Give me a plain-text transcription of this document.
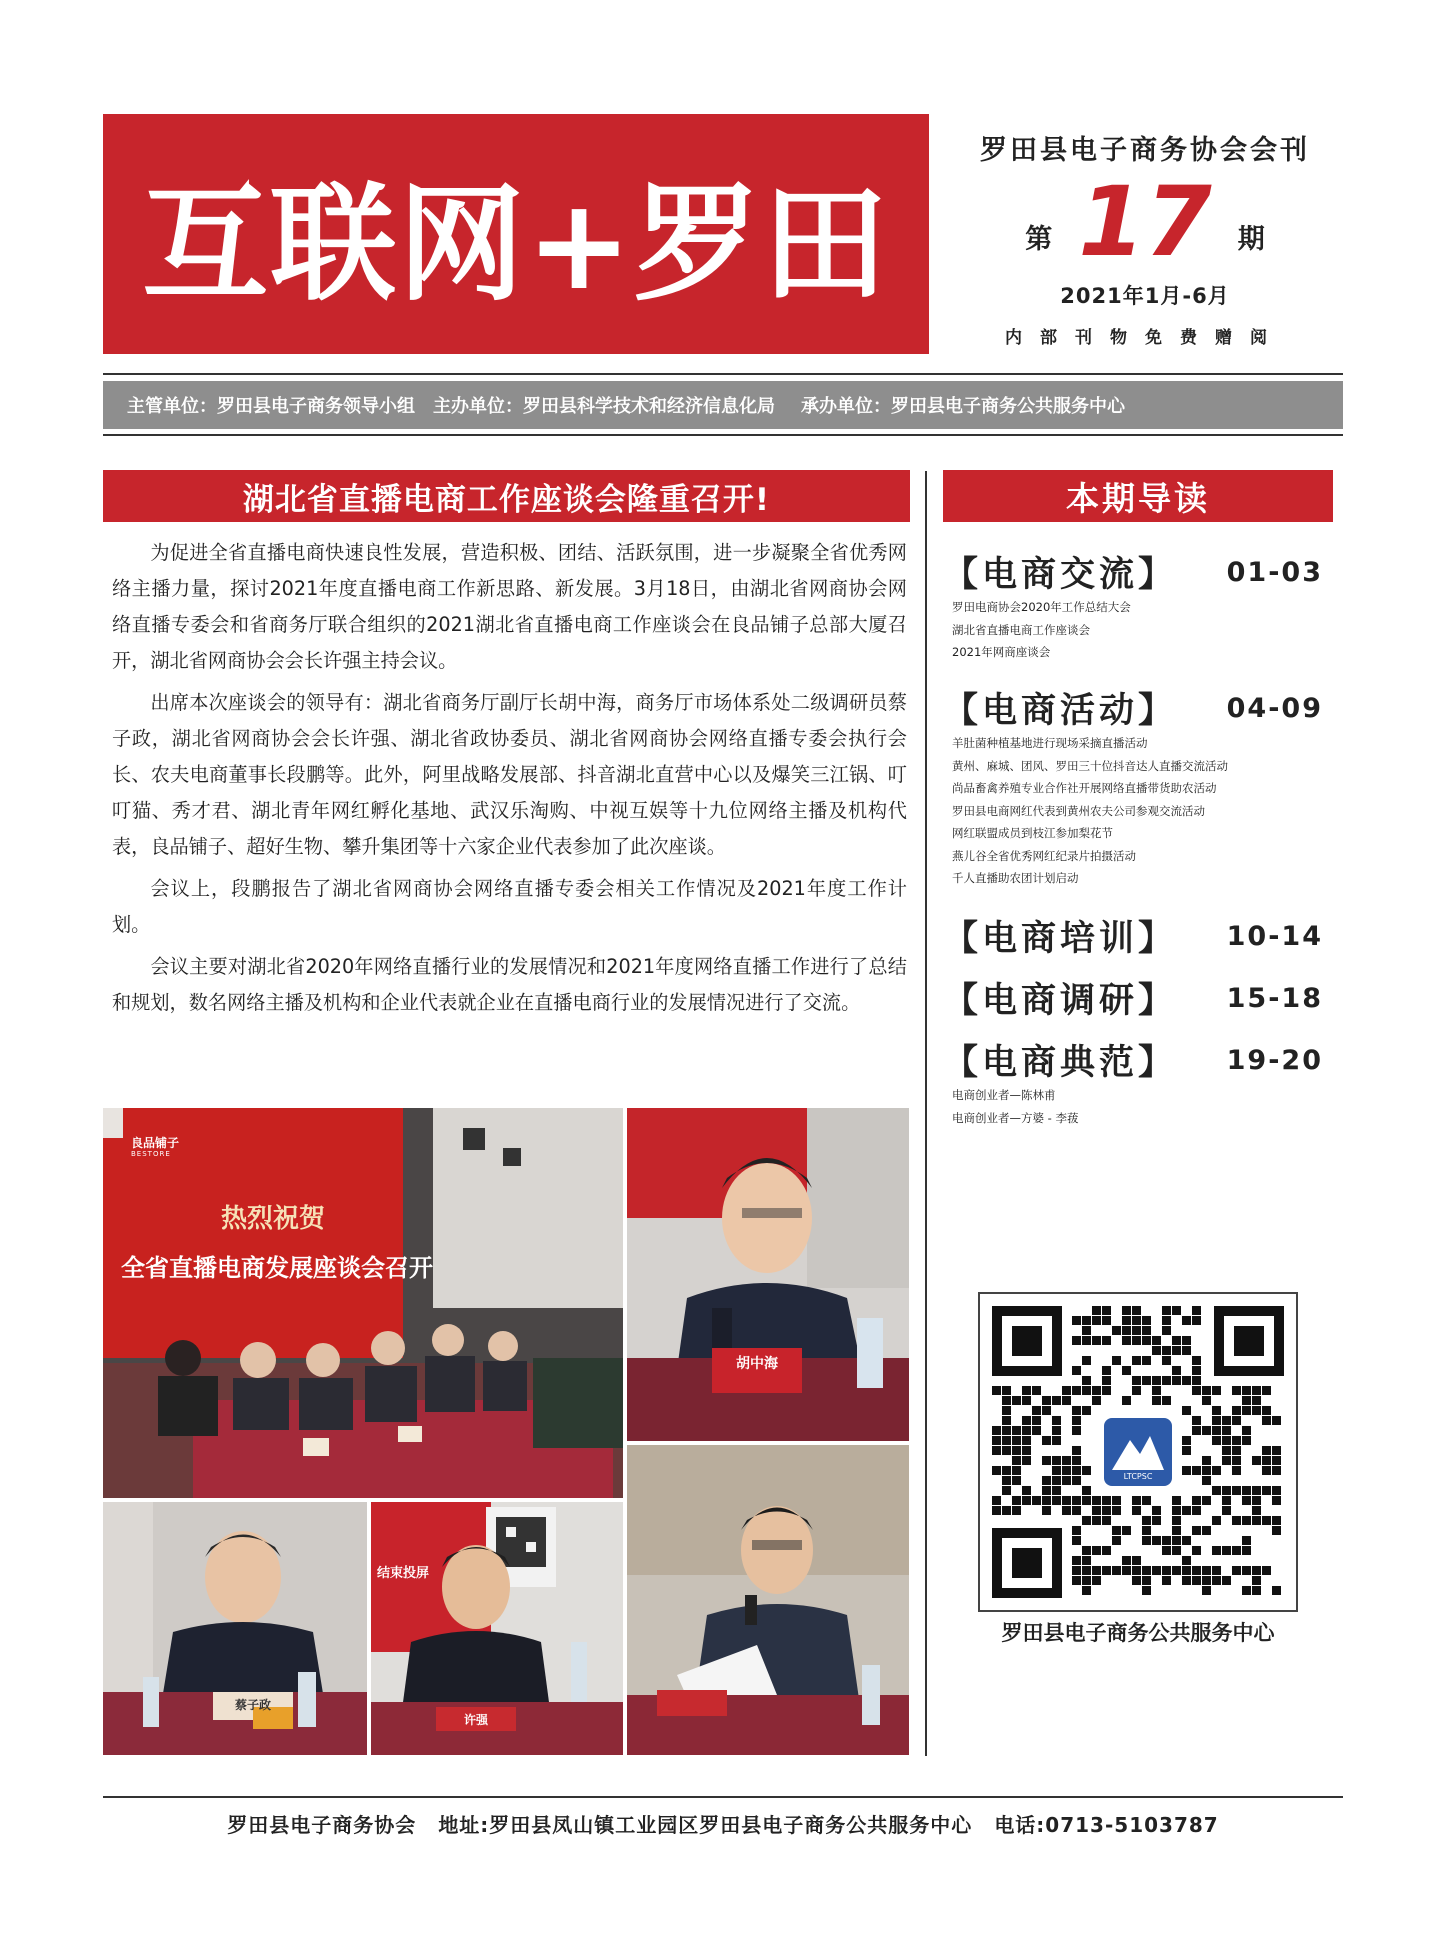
互联网+罗田
罗田县电子商务协会会刊
第 17 期
2021年1月-6月
内部刊物免费赠阅
主管单位：罗田县电子商务领导小组 主办单位：罗田县科学技术和经济信息化局 承办单位：罗田县电子商务公共服务中心
湖北省直播电商工作座谈会隆重召开!

为促进全省直播电商快速良性发展，营造积极、团结、活跃氛围，进一步凝聚全省优秀网络主播力量，探讨2021年度直播电商工作新思路、新发展。3月18日，由湖北省网商协会网络直播专委会和省商务厅联合组织的2021湖北省直播电商工作座谈会在良品铺子总部大厦召开，湖北省网商协会会长许强主持会议。

出席本次座谈会的领导有：湖北省商务厅副厅长胡中海，商务厅市场体系处二级调研员蔡子政，湖北省网商协会会长许强、湖北省政协委员、湖北省网商协会网络直播专委会执行会长、农夫电商董事长段鹏等。此外，阿里战略发展部、抖音湖北直营中心以及爆笑三江锅、叮叮猫、秀才君、湖北青年网红孵化基地、武汉乐淘购、中视互娱等十九位网络主播及机构代表，良品铺子、超好生物、攀升集团等十六家企业代表参加了此次座谈。

会议上，段鹏报告了湖北省网商协会网络直播专委会相关工作情况及2021年度工作计划。

会议主要对湖北省2020年网络直播行业的发展情况和2021年度网络直播工作进行了总结和规划，数名网络主播及机构和企业代表就企业在直播电商行业的发展情况进行了交流。

热烈祝贺
全省直播电商发展座谈会召开
良品铺子
BESTORE
胡中海
蔡子政
结束投屏
许强
本期导读
【电商交流】 01-03
罗田电商协会2020年工作总结大会
湖北省直播电商工作座谈会
2021年网商座谈会
【电商活动】 04-09
羊肚菌种植基地进行现场采摘直播活动
黄州、麻城、团风、罗田三十位抖音达人直播交流活动
尚品畜禽养殖专业合作社开展网络直播带货助农活动
罗田县电商网红代表到黄州农夫公司参观交流活动
网红联盟成员到枝江参加梨花节
燕儿谷全省优秀网红纪录片拍摄活动
千人直播助农团计划启动
【电商培训】 10-14
【电商调研】 15-18
【电商典范】 19-20
电商创业者—陈林甫
电商创业者—方婆 - 李菝
LTCPSC
罗田县电子商务公共服务中心
罗田县电子商务协会 地址:罗田县凤山镇工业园区罗田县电子商务公共服务中心 电话:0713-5103787
